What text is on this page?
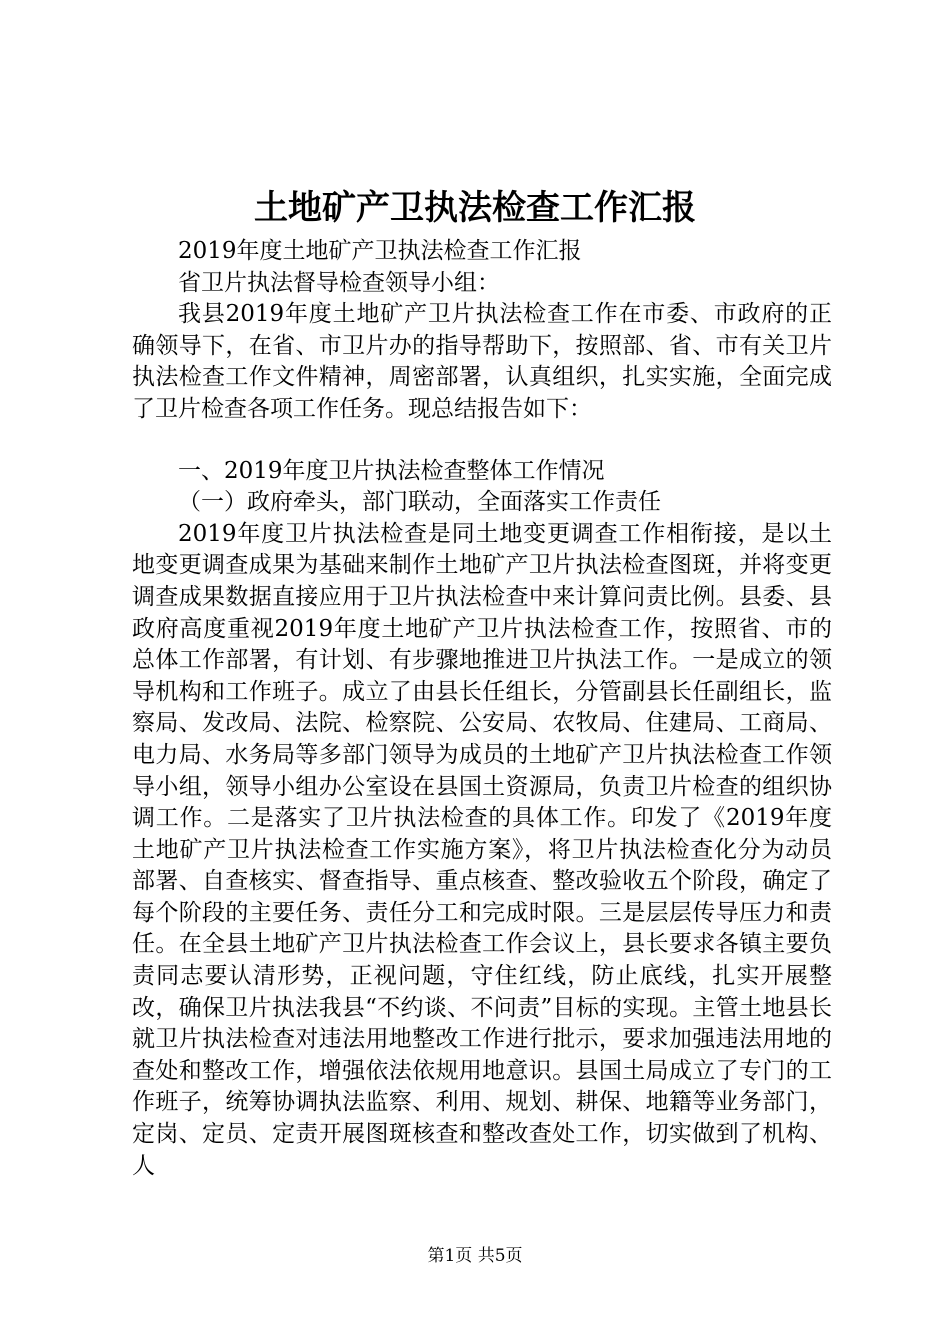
土地矿产卫执法检查工作汇报

2019年度土地矿产卫执法检查工作汇报

省卫片执法督导检查领导小组：

我县2019年度土地矿产卫片执法检查工作在市委、市政府的正确领导下，在省、市卫片办的指导帮助下，按照部、省、市有关卫片执法检查工作文件精神，周密部署，认真组织，扎实实施，全面完成了卫片检查各项工作任务。现总结报告如下：

一、2019年度卫片执法检查整体工作情况

（一）政府牵头，部门联动，全面落实工作责任

2019年度卫片执法检查是同土地变更调查工作相衔接，是以土地变更调查成果为基础来制作土地矿产卫片执法检查图斑，并将变更调查成果数据直接应用于卫片执法检查中来计算问责比例。县委、县政府高度重视2019年度土地矿产卫片执法检查工作，按照省、市的总体工作部署，有计划、有步骤地推进卫片执法工作。一是成立的领导机构和工作班子。成立了由县长任组长，分管副县长任副组长，监察局、发改局、法院、检察院、公安局、农牧局、住建局、工商局、电力局、水务局等多部门领导为成员的土地矿产卫片执法检查工作领导小组，领导小组办公室设在县国土资源局，负责卫片检查的组织协调工作。二是落实了卫片执法检查的具体工作。印发了《2019年度土地矿产卫片执法检查工作实施方案》，将卫片执法检查化分为动员部署、自查核实、督查指导、重点核查、整改验收五个阶段，确定了每个阶段的主要任务、责任分工和完成时限。三是层层传导压力和责任。在全县土地矿产卫片执法检查工作会议上，县长要求各镇主要负责同志要认清形势，正视问题，守住红线，防止底线，扎实开展整改，确保卫片执法我县“不约谈、不问责”目标的实现。主管土地县长就卫片执法检查对违法用地整改工作进行批示，要求加强违法用地的查处和整改工作，增强依法依规用地意识。县国土局成立了专门的工作班子，统筹协调执法监察、利用、规划、耕保、地籍等业务部门，定岗、定员、定责开展图斑核查和整改查处工作，切实做到了机构、人

第1页 共5页
